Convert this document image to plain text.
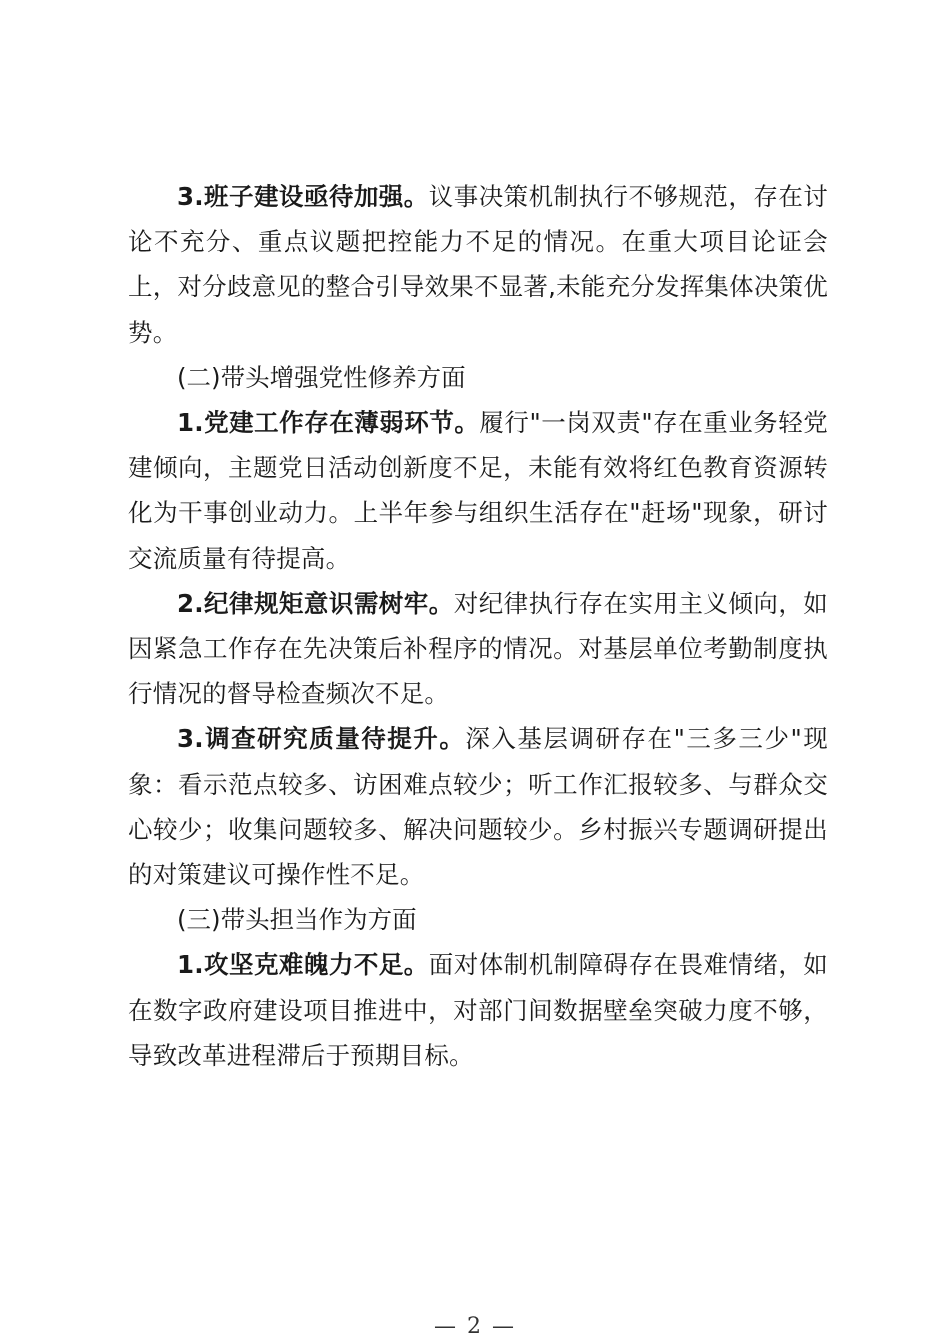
3.班子建设亟待加强。议事决策机制执行不够规范，存在讨论不充分、重点议题把控能力不足的情况。在重大项目论证会上，对分歧意见的整合引导效果不显著,未能充分发挥集体决策优势。

(二)带头增强党性修养方面

1.党建工作存在薄弱环节。履行"一岗双责"存在重业务轻党建倾向，主题党日活动创新度不足，未能有效将红色教育资源转化为干事创业动力。上半年参与组织生活存在"赶场"现象，研讨交流质量有待提高。

2.纪律规矩意识需树牢。对纪律执行存在实用主义倾向，如因紧急工作存在先决策后补程序的情况。对基层单位考勤制度执行情况的督导检查频次不足。

3.调查研究质量待提升。深入基层调研存在"三多三少"现象：看示范点较多、访困难点较少；听工作汇报较多、与群众交心较少；收集问题较多、解决问题较少。乡村振兴专题调研提出的对策建议可操作性不足。

(三)带头担当作为方面

1.攻坚克难魄力不足。面对体制机制障碍存在畏难情绪，如在数字政府建设项目推进中，对部门间数据壁垒突破力度不够，导致改革进程滞后于预期目标。

— 2 —
